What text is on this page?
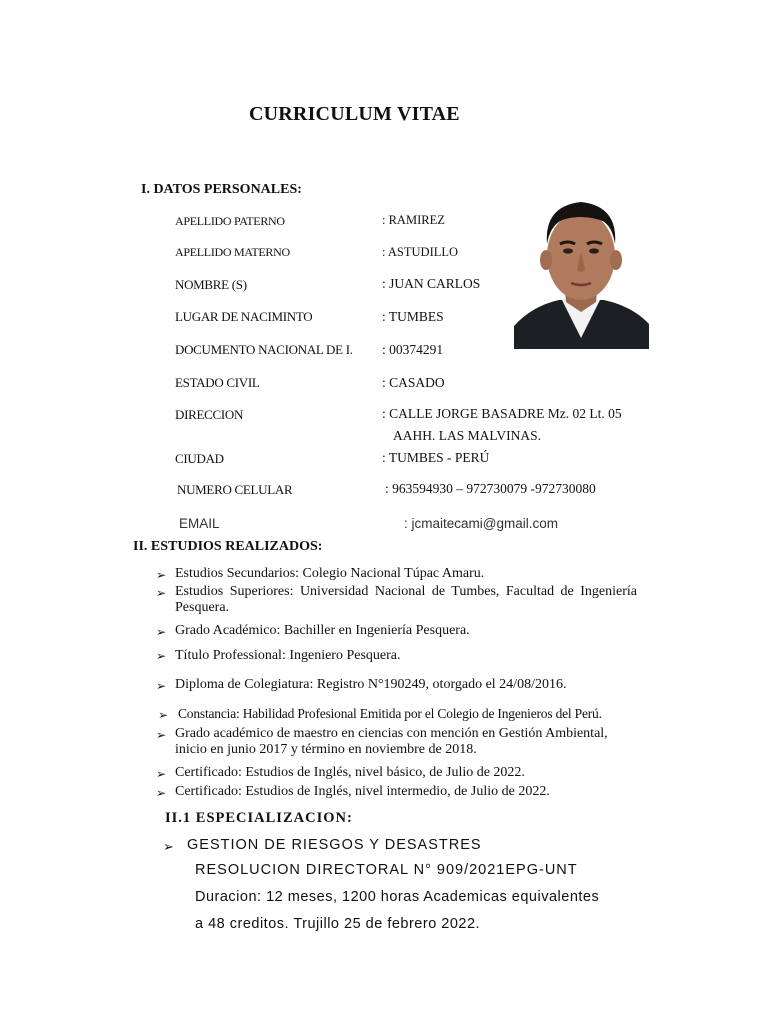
CURRICULUM VITAE
I. DATOS PERSONALES:
APELLIDO PATERNO	: RAMIREZ
APELLIDO MATERNO	: ASTUDILLO
NOMBRE (S)	: JUAN CARLOS
LUGAR DE NACIMINTO	: TUMBES
DOCUMENTO NACIONAL DE I. : 00374291
ESTADO CIVIL	: CASADO
DIRECCION	: CALLE JORGE BASADRE Mz. 02 Lt. 05
AAHH. LAS MALVINAS.
CIUDAD	: TUMBES - PERÚ
NUMERO CELULAR	: 963594930 – 972730079 -972730080
EMAIL	: jcmaitecami@gmail.com
II. ESTUDIOS REALIZADOS:
➢ Estudios Secundarios: Colegio Nacional Túpac Amaru.
➢ Estudios Superiores: Universidad Nacional de Tumbes, Facultad de Ingeniería Pesquera.
➢ Grado Académico: Bachiller en Ingeniería Pesquera.
➢ Título Professional: Ingeniero Pesquera.
➢ Diploma de Colegiatura: Registro N°190249, otorgado el 24/08/2016.
➢ Constancia: Habilidad Profesional Emitida por el Colegio de Ingenieros del Perú.
➢ Grado académico de maestro en ciencias con mención en Gestión Ambiental, inicio en junio 2017 y término en noviembre de 2018.
➢ Certificado: Estudios de Inglés, nivel básico, de Julio de 2022.
➢ Certificado: Estudios de Inglés, nivel intermedio, de Julio de 2022.
II.1 ESPECIALIZACION:
➢ GESTION DE RIESGOS Y DESASTRES
RESOLUCION DIRECTORAL N° 909/2021EPG-UNT
Duracion: 12 meses, 1200 horas Academicas equivalentes
a 48 creditos. Trujillo 25 de febrero 2022.
